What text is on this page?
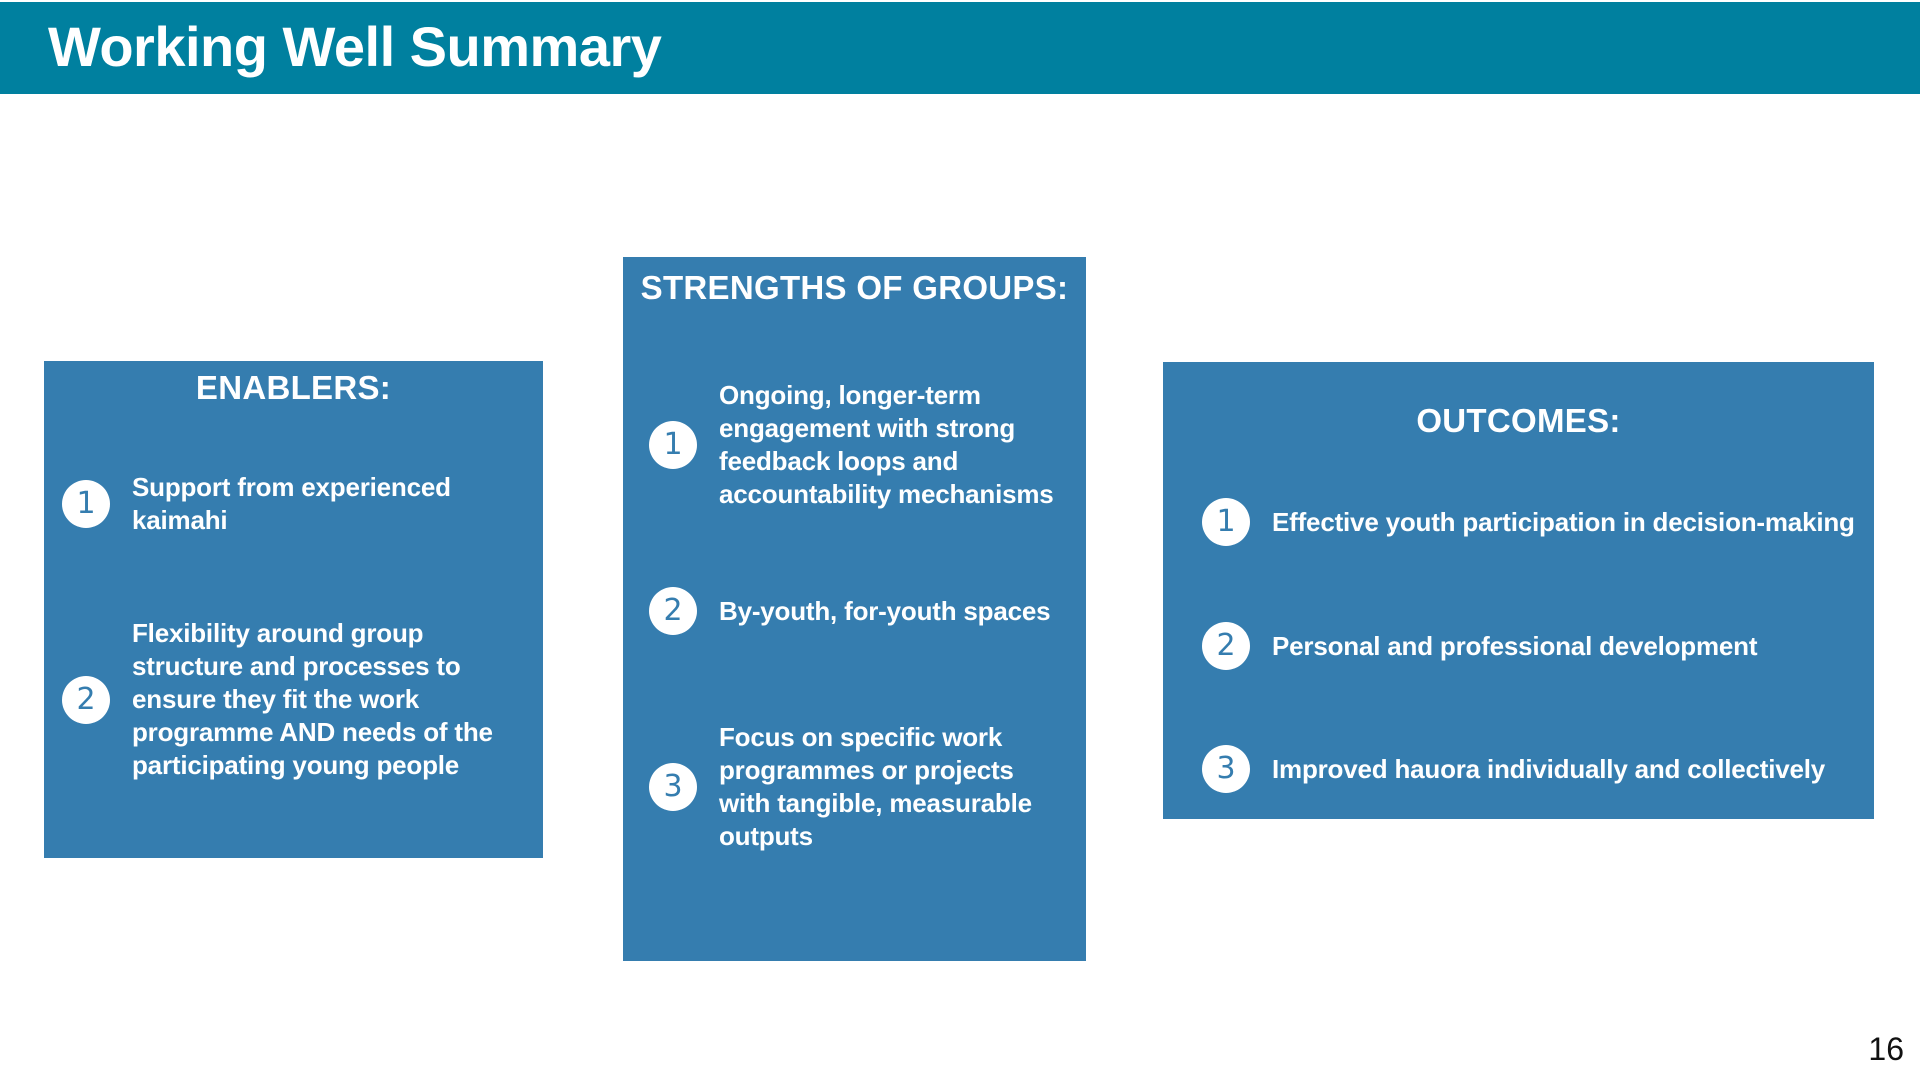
Working Well Summary
ENABLERS:
1	Support from experienced kaimahi
2
Flexibility around group structure and processes to ensure they fit the work programme AND needs of the participating young people
STRENGTHS OF GROUPS:
1
Ongoing, longer-term engagement with strong feedback loops and accountability mechanisms
2	By-youth, for-youth spaces
3
Focus on specific work programmes or projects with tangible, measurable outputs
OUTCOMES:
1	Effective youth participation in decision-making
2	Personal and professional development
3	Improved hauora individually and collectively
16
